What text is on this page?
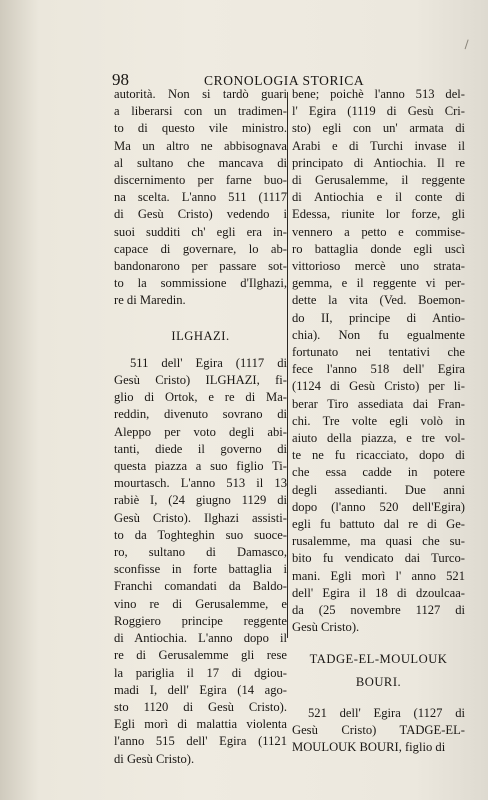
98	CRONOLOGIA STORICA
autorità. Non si tardò guari
a liberarsi con un tradimen-
to di questo vile ministro.
Ma un altro ne abbisognava
al sultano che mancava di
discernimento per farne buo-
na scelta. L'anno 511 (1117
di Gesù Cristo) vedendo i
suoi sudditi ch' egli era in-
capace di governare, lo ab-
bandonarono per passare sot-
to la sommissione d'Ilghazi,
re di Maredin.
ILGHAZI.
511 dell' Egira (1117 di
Gesù Cristo) ILGHAZI, fi-
glio di Ortok, e re di Ma-
reddin, divenuto sovrano di
Aleppo per voto degli abi-
tanti, diede il governo di
questa piazza a suo figlio Ti-
mourtasch. L'anno 513 il 13
rabiè I, (24 giugno 1129 di
Gesù Cristo). Ilghazi assisti-
to da Toghteghin suo suoce-
ro, sultano di Damasco,
sconfisse in forte battaglia i
Franchi comandati da Baldo-
vino re di Gerusalemme, e
Roggiero principe reggente
di Antiochia. L'anno dopo il
re di Gerusalemme gli rese
la pariglia il 17 di dgiou-
madi I, dell' Egira (14 ago-
sto 1120 di Gesù Cristo).
Egli morì di malattia violenta
l'anno 515 dell' Egira (1121
di Gesù Cristo).
bene; poichè l'anno 513 del-
l' Egira (1119 di Gesù Cri-
sto) egli con un' armata di
Arabi e di Turchi invase il
principato di Antiochia. Il re
di Gerusalemme, il reggente
di Antiochia e il conte di
Edessa, riunite lor forze, gli
vennero a petto e commise-
ro battaglia donde egli uscì
vittorioso mercè uno strata-
gemma, e il reggente vi per-
dette la vita (Ved. Boemon-
do II, principe di Antio-
chia). Non fu egualmente
fortunato nei tentativi che
fece l'anno 518 dell' Egira
(1124 di Gesù Cristo) per li-
berar Tiro assediata dai Fran-
chi. Tre volte egli volò in
aiuto della piazza, e tre vol-
te ne fu ricacciato, dopo di
che essa cadde in potere
degli assedianti. Due anni
dopo (l'anno 520 dell'Egira)
egli fu battuto dal re di Ge-
rusalemme, ma quasi che su-
bito fu vendicato dai Turco-
mani. Egli morì l' anno 521
dell' Egira il 18 di dzoulcaa-
da (25 novembre 1127 di
Gesù Cristo).
TADGE-EL-MOULOUK
BOURI.
521 dell' Egira (1127 di
Gesù Cristo) TADGE-EL-
MOULOUK BOURI, figlio di
